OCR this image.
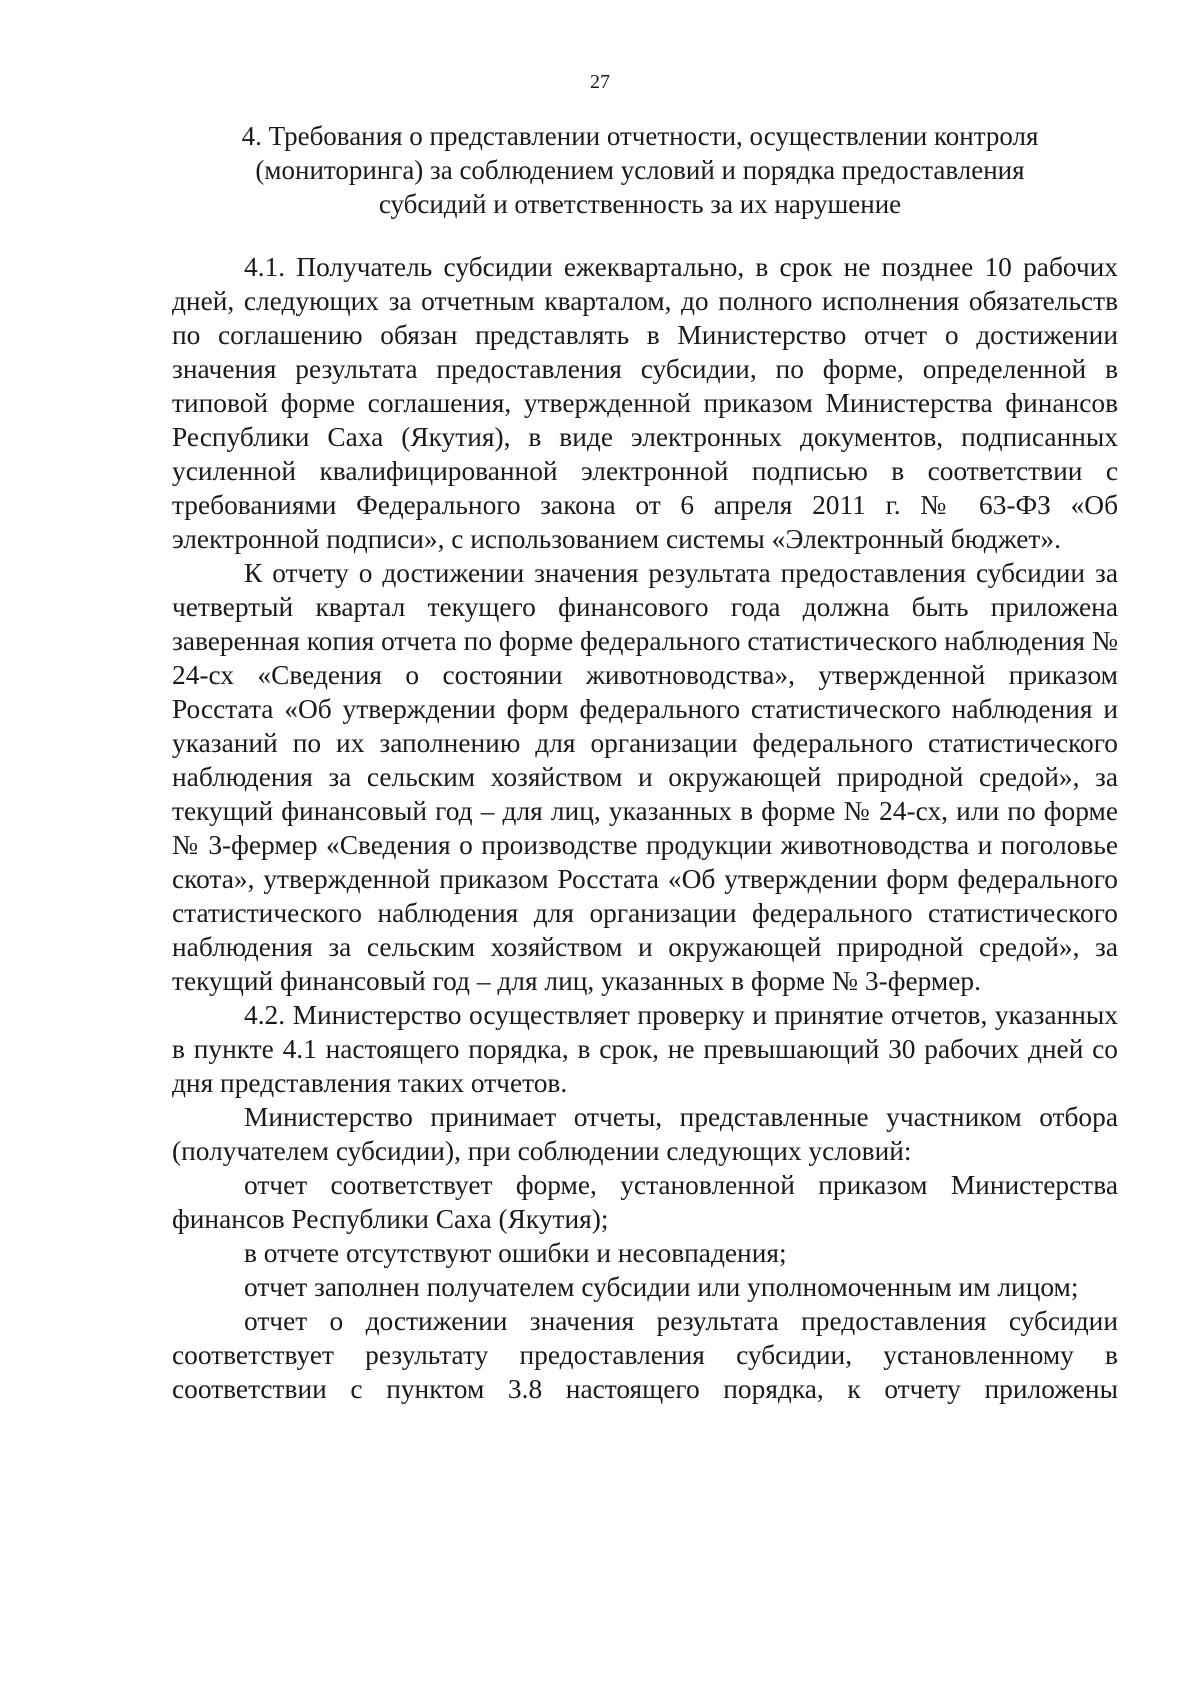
27
4. Требования о представлении отчетности, осуществлении контроля
(мониторинга) за соблюдением условий и порядка предоставления
субсидий и ответственность за их нарушение

4.1. Получатель субсидии ежеквартально, в срок не позднее 10 рабочих дней, следующих за отчетным кварталом, до полного исполнения обязательств по соглашению обязан представлять в Министерство отчет о достижении значения результата предоставления субсидии, по форме, определенной в типовой форме соглашения, утвержденной приказом Министерства финансов Республики Саха (Якутия), в виде электронных документов, подписанных усиленной квалифицированной электронной подписью в соответствии с требованиями Федерального закона от 6 апреля 2011 г. № 63-ФЗ «Об электронной подписи», с использованием системы «Электронный бюджет».

К отчету о достижении значения результата предоставления субсидии за четвертый квартал текущего финансового года должна быть приложена заверенная копия отчета по форме федерального статистического наблюдения № 24-сх «Сведения о состоянии животноводства», утвержденной приказом Росстата «Об утверждении форм федерального статистического наблюдения и указаний по их заполнению для организации федерального статистического наблюдения за сельским хозяйством и окружающей природной средой», за текущий финансовый год – для лиц, указанных в форме № 24-сх, или по форме № 3-фермер «Сведения о производстве продукции животноводства и поголовье скота», утвержденной приказом Росстата «Об утверждении форм федерального статистического наблюдения для организации федерального статистического наблюдения за сельским хозяйством и окружающей природной средой», за текущий финансовый год – для лиц, указанных в форме № 3-фермер.

4.2. Министерство осуществляет проверку и принятие отчетов, указанных в пункте 4.1 настоящего порядка, в срок, не превышающий 30 рабочих дней со дня представления таких отчетов.

Министерство принимает отчеты, представленные участником отбора (получателем субсидии), при соблюдении следующих условий:

отчет соответствует форме, установленной приказом Министерства финансов Республики Саха (Якутия);

в отчете отсутствуют ошибки и несовпадения;

отчет заполнен получателем субсидии или уполномоченным им лицом;

отчет о достижении значения результата предоставления субсидии соответствует результату предоставления субсидии, установленному в соответствии с пунктом 3.8 настоящего порядка, к отчету приложены
